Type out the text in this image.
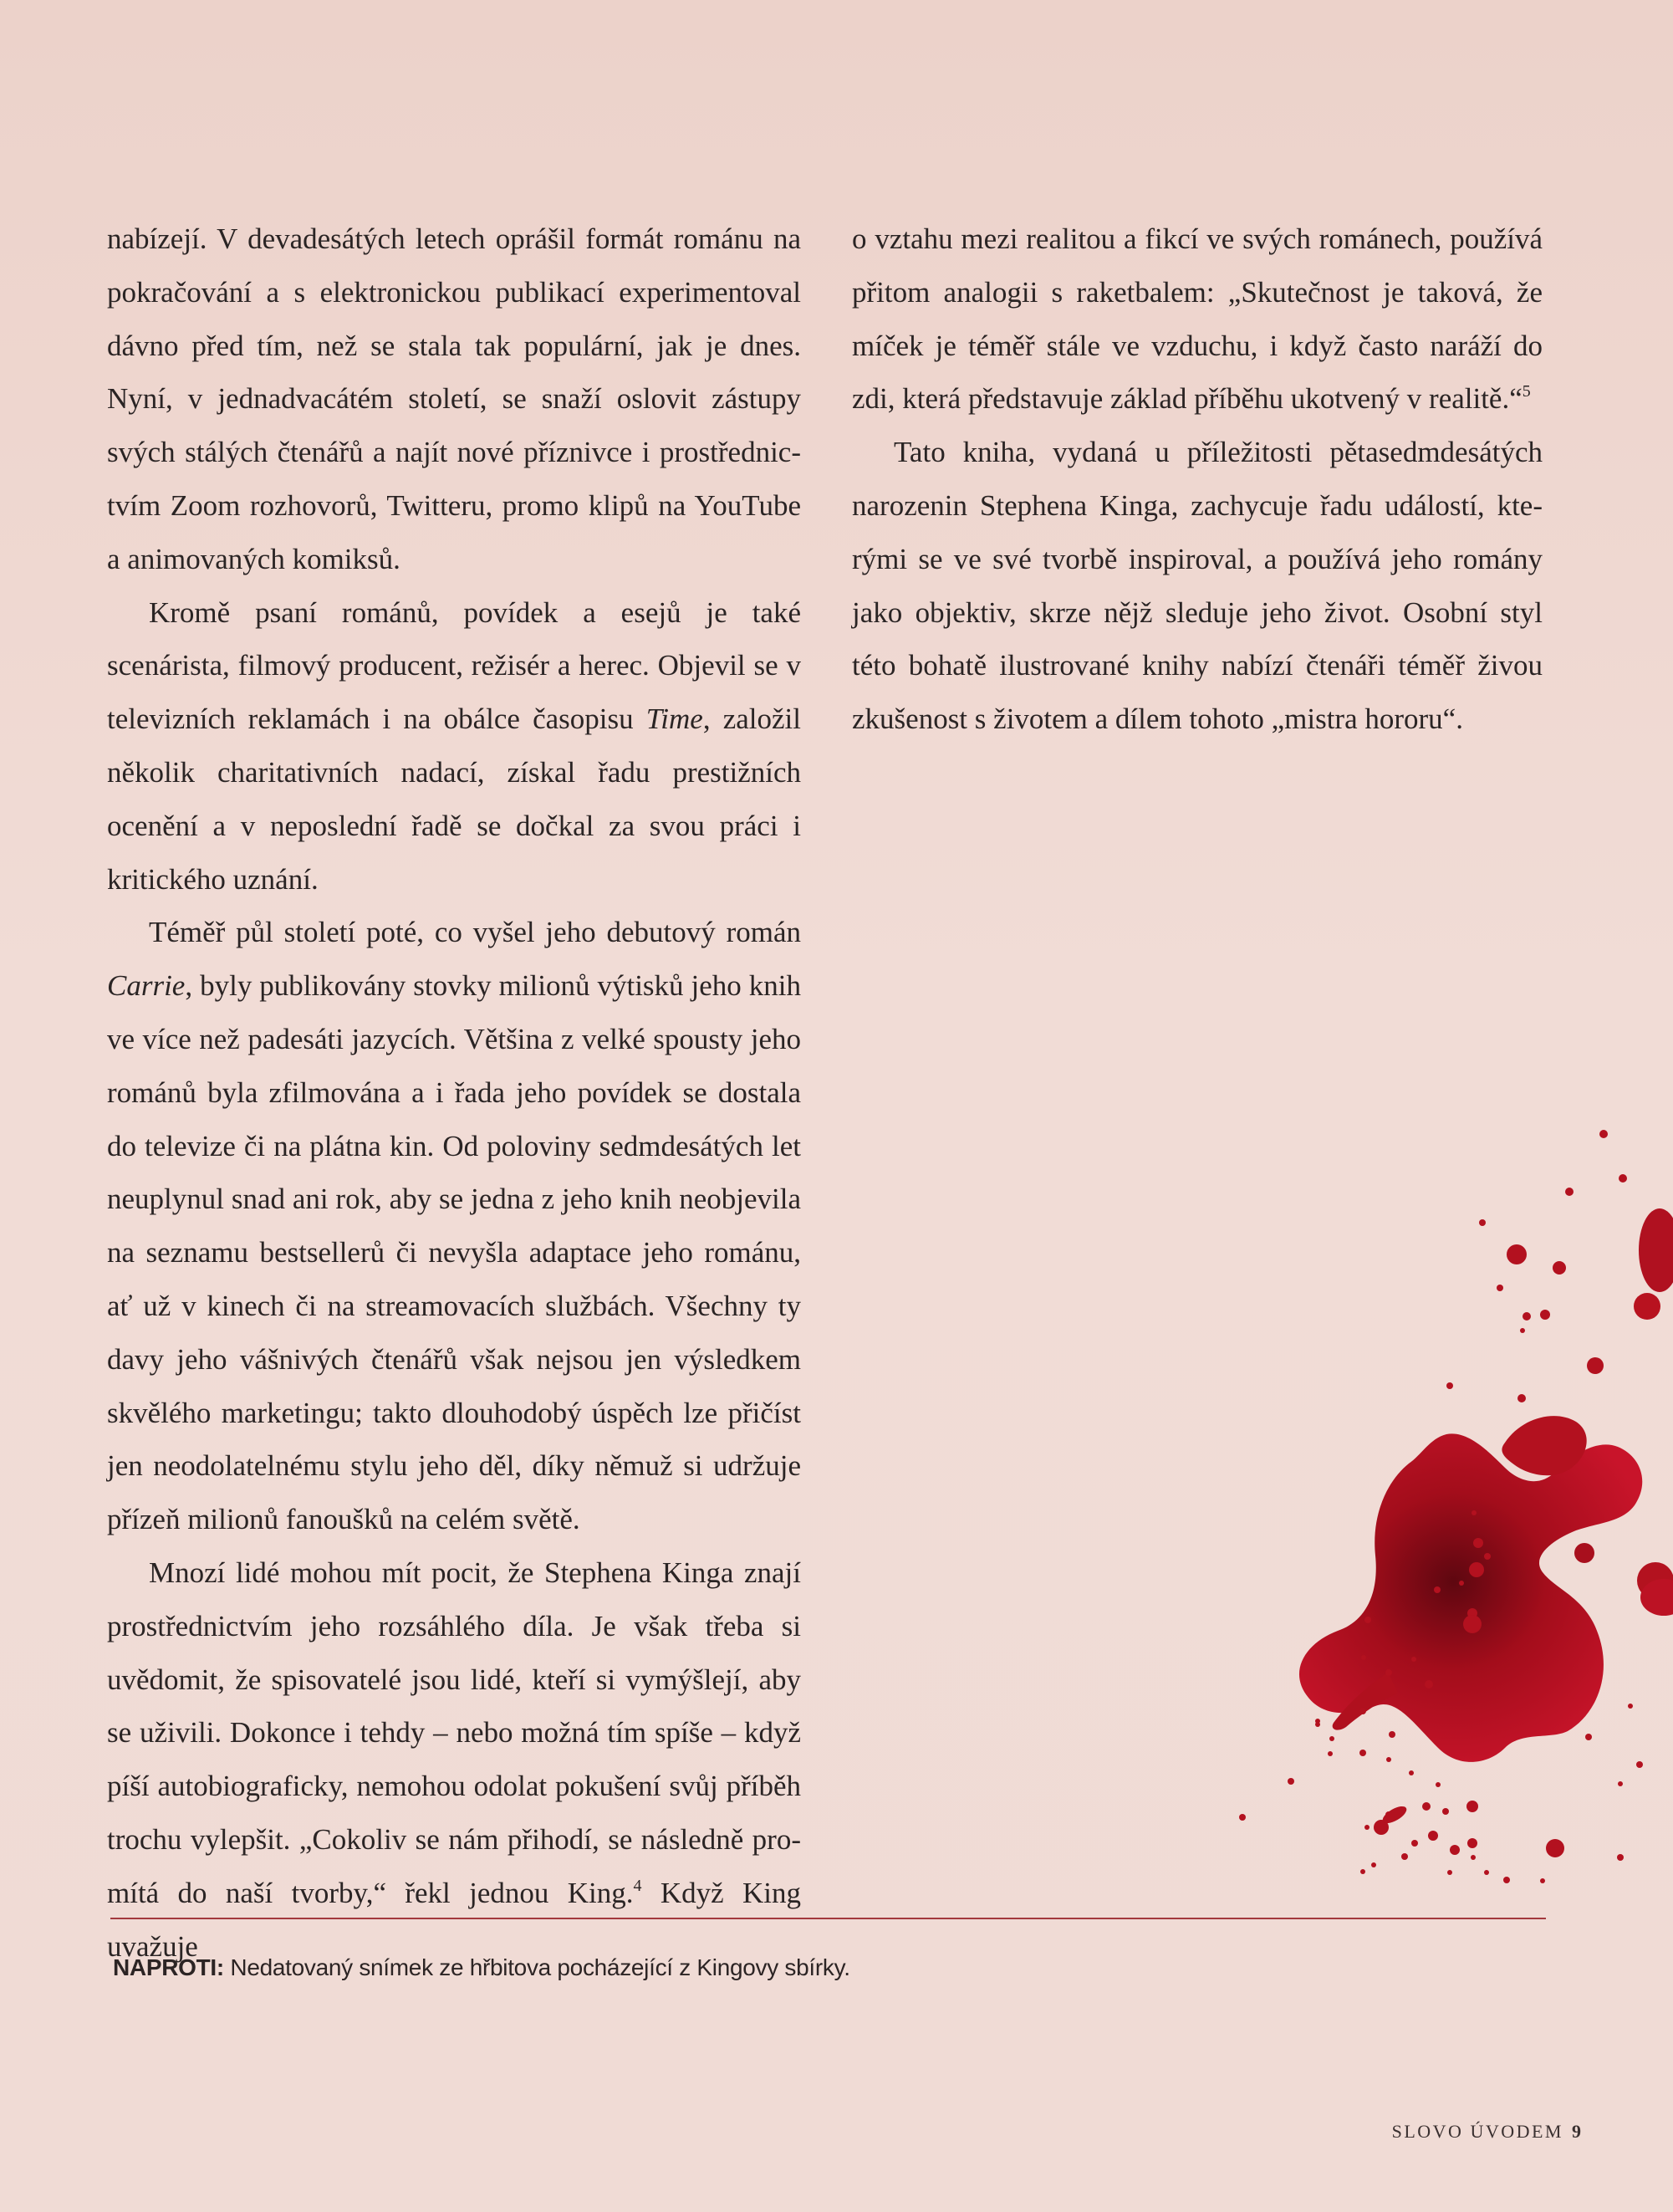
nabízejí. V devadesátých letech oprášil formát románu na pokračování a s elektronickou publikací experimentoval dávno před tím, než se stala tak populární, jak je dnes. Nyní, v jednadvacátém století, se snaží oslovit zástupy svých stálých čtenářů a najít nové příznivce i prostřednictvím Zoom rozhovorů, Twitteru, promo klipů na YouTube a animovaných komiksů.

Kromě psaní románů, povídek a esejů je také scenárista, filmový producent, režisér a herec. Objevil se v televizních reklamách i na obálce časopisu Time, založil několik charitativních nadací, získal řadu prestižních ocenění a v neposlední řadě se dočkal za svou práci i kritického uznání.

Téměř půl století poté, co vyšel jeho debutový román Carrie, byly publikovány stovky milionů výtisků jeho knih ve více než padesáti jazycích. Většina z velké spousty jeho románů byla zfilmována a i řada jeho povídek se dostala do televize či na plátna kin. Od poloviny sedmdesátých let neuplynul snad ani rok, aby se jedna z jeho knih neobjevila na seznamu bestsellerů či nevyšla adaptace jeho románu, ať už v kinech či na streamovacích službách. Všechny ty davy jeho vášnivých čtenářů však nejsou jen výsledkem skvělého marketingu; takto dlouhodobý úspěch lze přičíst jen neodolatelnému stylu jeho děl, díky němuž si udržuje přízeň milionů fanoušků na celém světě.

Mnozí lidé mohou mít pocit, že Stephena Kinga znají prostřednictvím jeho rozsáhlého díla. Je však třeba si uvědomit, že spisovatelé jsou lidé, kteří si vymýšlejí, aby se uživili. Dokonce i tehdy – nebo možná tím spíše – když píší autobiograficky, nemohou odolat pokušení svůj příběh trochu vylepšit. „Cokoliv se nám přihodí, se následně promítá do naší tvorby,“ řekl jednou King.$^4$ Když King uvažuje

o vztahu mezi realitou a fikcí ve svých románech, používá přitom analogii s raketbalem: „Skutečnost je taková, že míček je téměř stále ve vzduchu, i když často naráží do zdi, která představuje základ příběhu ukotvený v realitě.“$^5$

Tato kniha, vydaná u příležitosti pětasedmdesátých narozenin Stephena Kinga, zachycuje řadu událostí, kterými se ve své tvorbě inspiroval, a používá jeho romány jako objektiv, skrze nějž sleduje jeho život. Osobní styl této bohatě ilustrované knihy nabízí čtenáři téměř živou zkušenost s životem a dílem tohoto „mistra hororu“.

NAPROTI: Nedatovaný snímek ze hřbitova pocházející z Kingovy sbírky.
SLOVO ÚVODEM 9
